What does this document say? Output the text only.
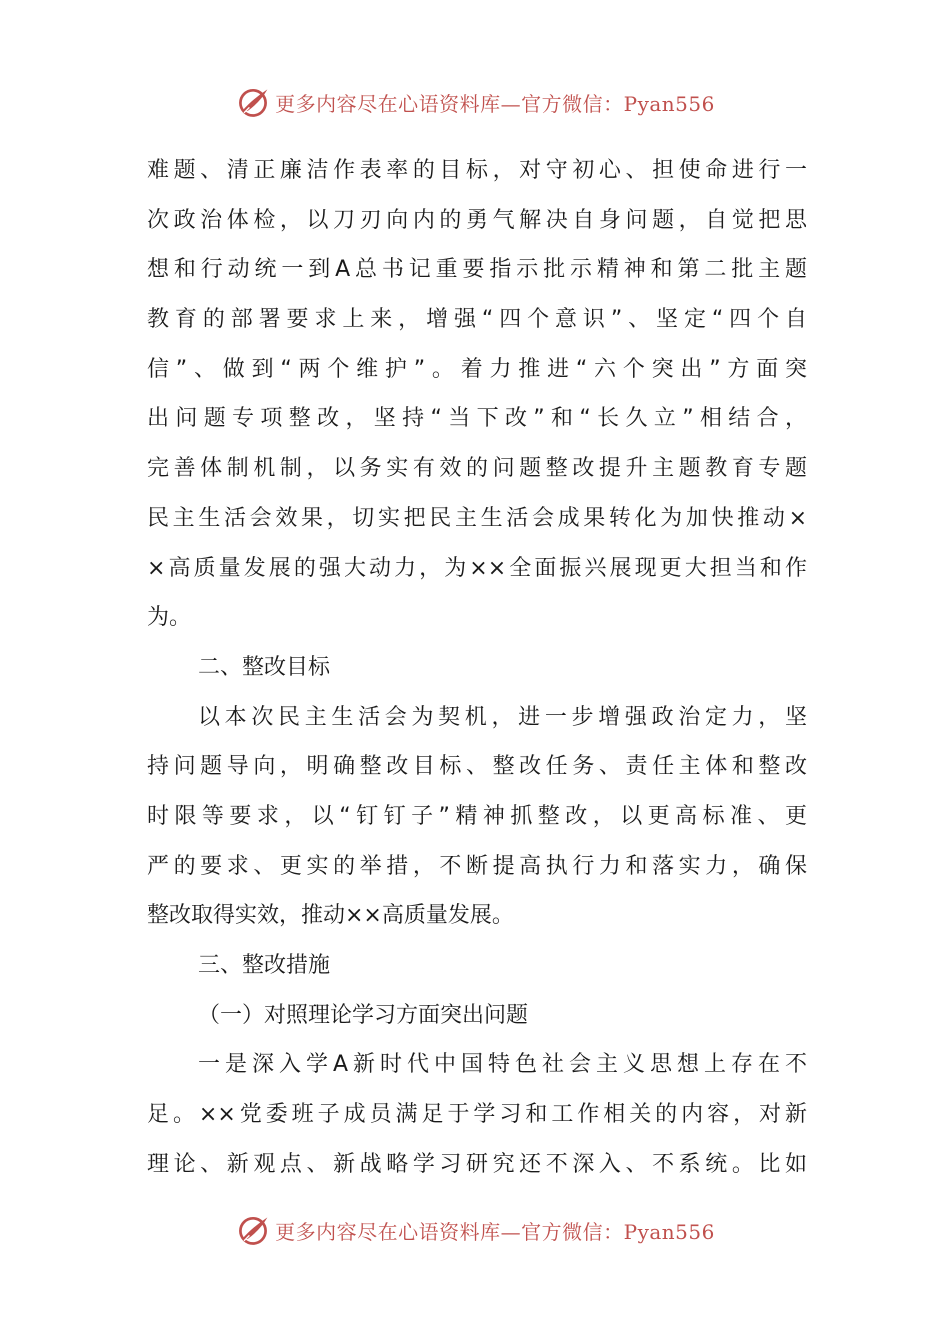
更多内容尽在心语资料库—官方微信：Pyan556
难题、清正廉洁作表率的目标，对守初心、担使命进行一
次政治体检，以刀刃向内的勇气解决自身问题，自觉把思
想和行动统一到A总书记重要指示批示精神和第二批主题
教育的部署要求上来，增强“四个意识”、坚定“四个自
信”、做到“两个维护”。着力推进“六个突出”方面突
出问题专项整改，坚持“当下改”和“长久立”相结合，
完善体制机制，以务实有效的问题整改提升主题教育专题
民主生活会效果，切实把民主生活会成果转化为加快推动×
×高质量发展的强大动力，为××全面振兴展现更大担当和作
为。
二、整改目标
以本次民主生活会为契机，进一步增强政治定力，坚
持问题导向，明确整改目标、整改任务、责任主体和整改
时限等要求，以“钉钉子”精神抓整改，以更高标准、更
严的要求、更实的举措，不断提高执行力和落实力，确保
整改取得实效，推动××高质量发展。
三、整改措施
（一）对照理论学习方面突出问题
一是深入学A新时代中国特色社会主义思想上存在不
足。××党委班子成员满足于学习和工作相关的内容，对新
理论、新观点、新战略学习研究还不深入、不系统。比如
更多内容尽在心语资料库—官方微信：Pyan556
